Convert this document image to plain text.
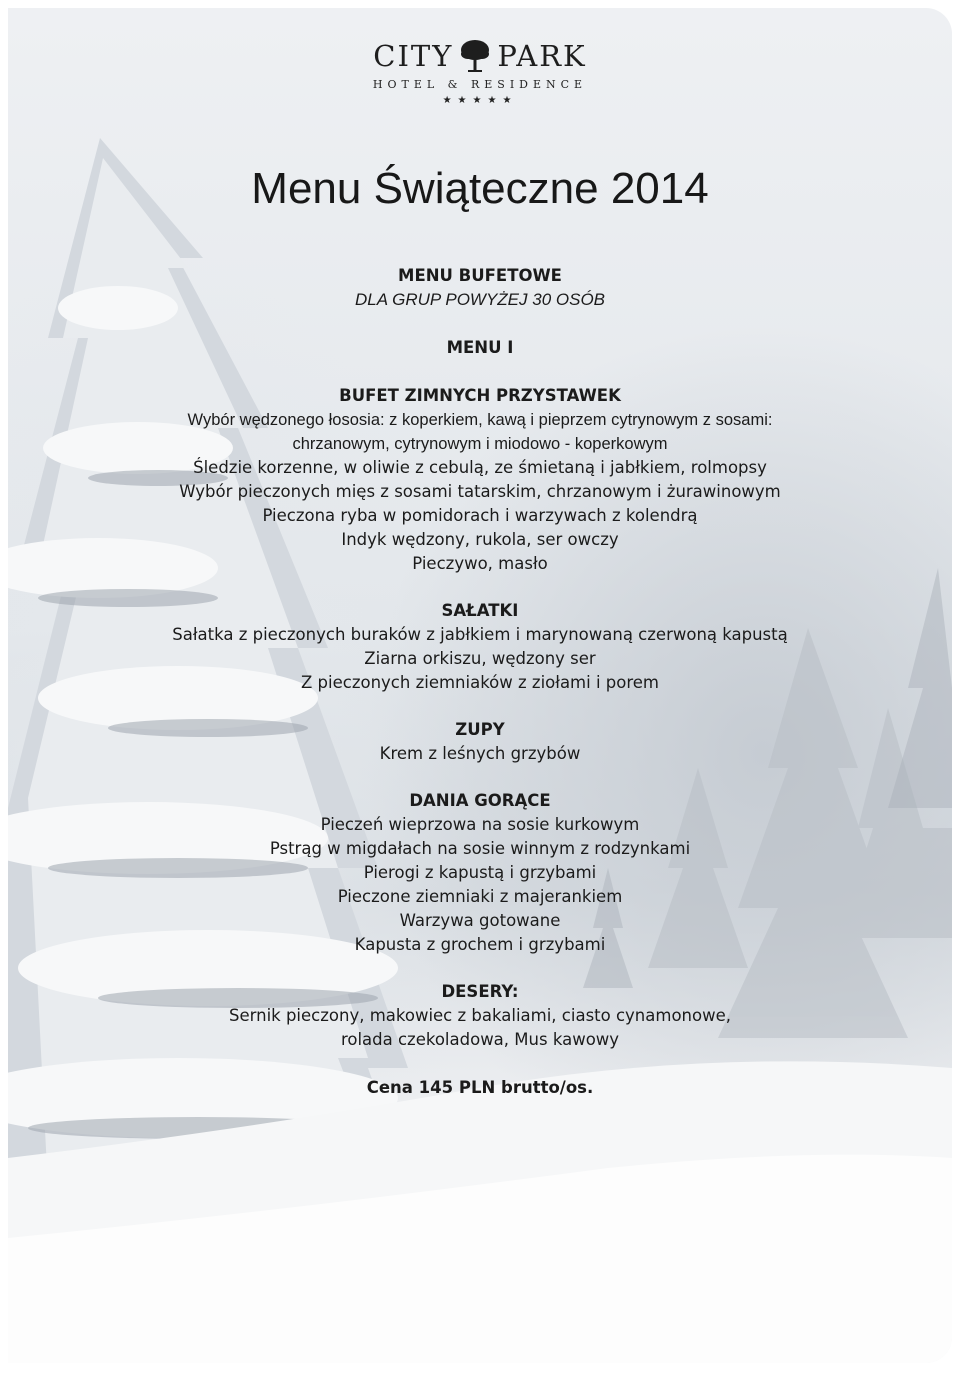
CITY PARK
HOTEL & RESIDENCE
★★★★★
Menu Świąteczne 2014
MENU BUFETOWE
DLA GRUP POWYŻEJ 30 OSÓB
MENU I
BUFET ZIMNYCH PRZYSTAWEK
Wybór wędzonego łososia: z koperkiem, kawą i pieprzem cytrynowym z sosami:
chrzanowym, cytrynowym i miodowo - koperkowym
Śledzie korzenne, w oliwie z cebulą, ze śmietaną i jabłkiem, rolmopsy
Wybór pieczonych mięs z sosami tatarskim, chrzanowym i żurawinowym
Pieczona ryba w pomidorach i warzywach z kolendrą
Indyk wędzony, rukola, ser owczy
Pieczywo, masło
SAŁATKI
Sałatka z pieczonych buraków z jabłkiem i marynowaną czerwoną kapustą
Ziarna orkiszu, wędzony ser
Z pieczonych ziemniaków z ziołami i porem
ZUPY
Krem z leśnych grzybów
DANIA GORĄCE
Pieczeń wieprzowa na sosie kurkowym
Pstrąg w migdałach na sosie winnym z rodzynkami
Pierogi z kapustą i grzybami
Pieczone ziemniaki z majerankiem
Warzywa gotowane
Kapusta z grochem i grzybami
DESERY:
Sernik pieczony, makowiec z bakaliami, ciasto cynamonowe,
rolada czekoladowa, Mus kawowy
Cena 145 PLN brutto/os.
